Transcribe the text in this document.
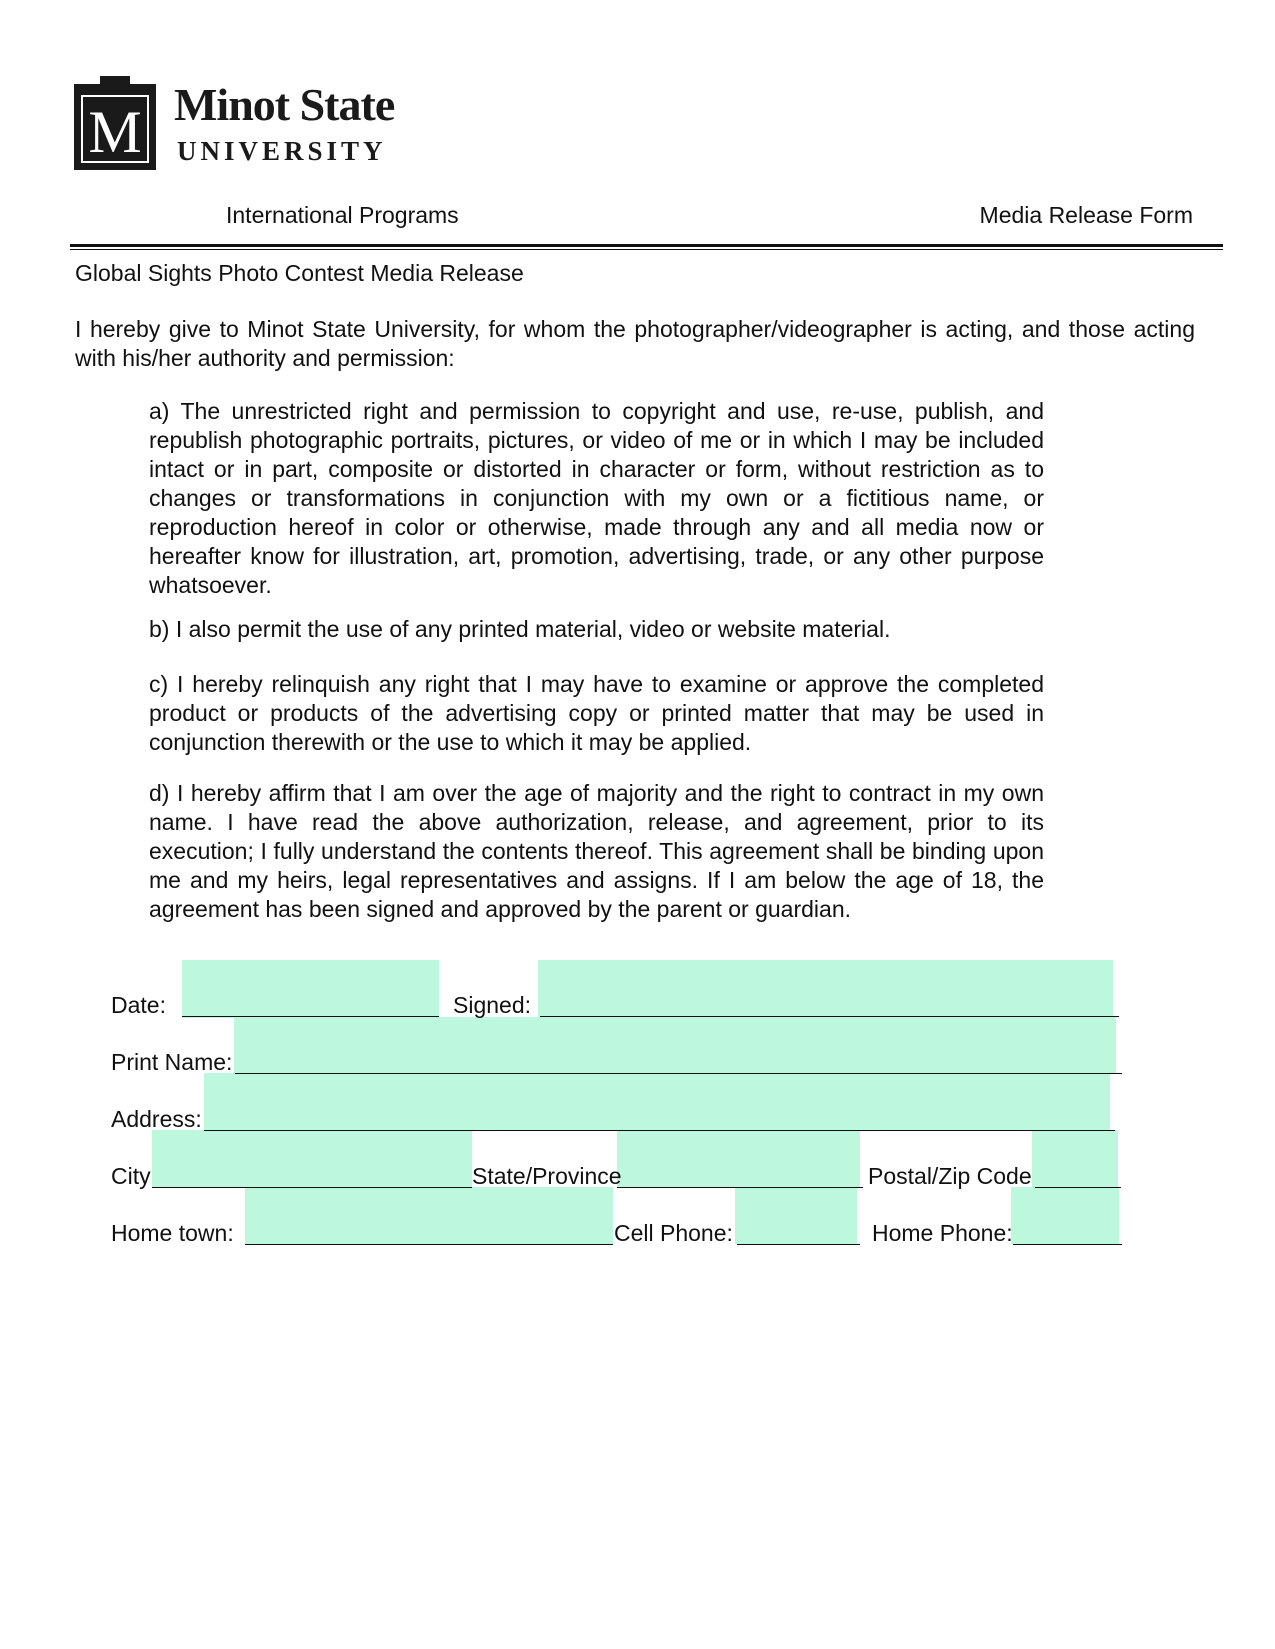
M Minot State
UNIVERSITY
International Programs	Media Release Form
Global Sights Photo Contest Media Release
I hereby give to Minot State University, for whom the photographer/videographer is acting, and those acting with his/her authority and permission:
a) The unrestricted right and permission to copyright and use, re-use, publish, and republish photographic portraits, pictures, or video of me or in which I may be included intact or in part, composite or distorted in character or form, without restriction as to changes or transformations in conjunction with my own or a fictitious name, or reproduction hereof in color or otherwise, made through any and all media now or hereafter know for illustration, art, promotion, advertising, trade, or any other purpose whatsoever.
b) I also permit the use of any printed material, video or website material.
c) I hereby relinquish any right that I may have to examine or approve the completed product or products of the advertising copy or printed matter that may be used in conjunction therewith or the use to which it may be applied.
d) I hereby affirm that I am over the age of majority and the right to contract in my own name. I have read the above authorization, release, and agreement, prior to its execution; I fully understand the contents thereof. This agreement shall be binding upon me and my heirs, legal representatives and assigns. If I am below the age of 18, the agreement has been signed and approved by the parent or guardian.
Date:	Signed:
Print Name:
Address:
City	State/Province	Postal/Zip Code
Home town:	Cell Phone:	Home Phone:
